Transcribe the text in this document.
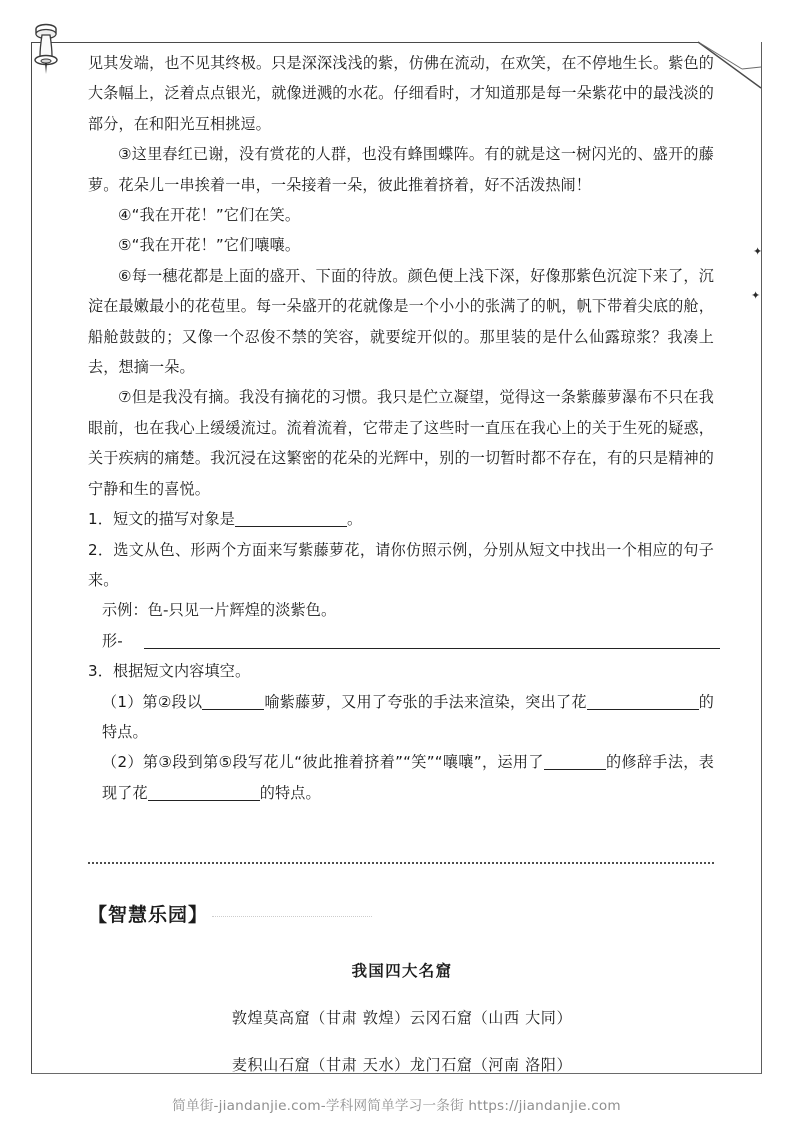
✦
✦

见其发端，也不见其终极。只是深深浅浅的紫，仿佛在流动，在欢笑，在不停地生长。紫色的大条幅上，泛着点点银光，就像迸溅的水花。仔细看时，才知道那是每一朵紫花中的最浅淡的部分，在和阳光互相挑逗。

③这里春红已谢，没有赏花的人群，也没有蜂围蝶阵。有的就是这一树闪光的、盛开的藤萝。花朵儿一串挨着一串，一朵接着一朵，彼此推着挤着，好不活泼热闹！

④“我在开花！”它们在笑。

⑤“我在开花！”它们嚷嚷。

⑥每一穗花都是上面的盛开、下面的待放。颜色便上浅下深，好像那紫色沉淀下来了，沉淀在最嫩最小的花苞里。每一朵盛开的花就像是一个小小的张满了的帆，帆下带着尖底的舱，船舱鼓鼓的；又像一个忍俊不禁的笑容，就要绽开似的。那里装的是什么仙露琼浆？我凑上去，想摘一朵。

⑦但是我没有摘。我没有摘花的习惯。我只是伫立凝望，觉得这一条紫藤萝瀑布不只在我眼前，也在我心上缓缓流过。流着流着，它带走了这些时一直压在我心上的关于生死的疑惑，关于疾病的痛楚。我沉浸在这繁密的花朵的光辉中，别的一切暂时都不存在，有的只是精神的宁静和生的喜悦。

1．短文的描写对象是	。

2．选文从色、形两个方面来写紫藤萝花，请你仿照示例，分别从短文中找出一个相应的句子来。

示例：色-只见一片辉煌的淡紫色。

形-

3．根据短文内容填空。

（1）第②段以	喻紫藤萝，又用了夸张的手法来渲染，突出了花	的特点。

（2）第③段到第⑤段写花儿“彼此推着挤着”“笑”“嚷嚷”，运用了	的修辞手法，表现了花	的特点。

【智慧乐园】
我国四大名窟
敦煌莫高窟（甘肃 敦煌）云冈石窟（山西 大同）
麦积山石窟（甘肃 天水）龙门石窟（河南 洛阳）
简单街-jiandanjie.com-学科网简单学习一条街 https://jiandanjie.com
